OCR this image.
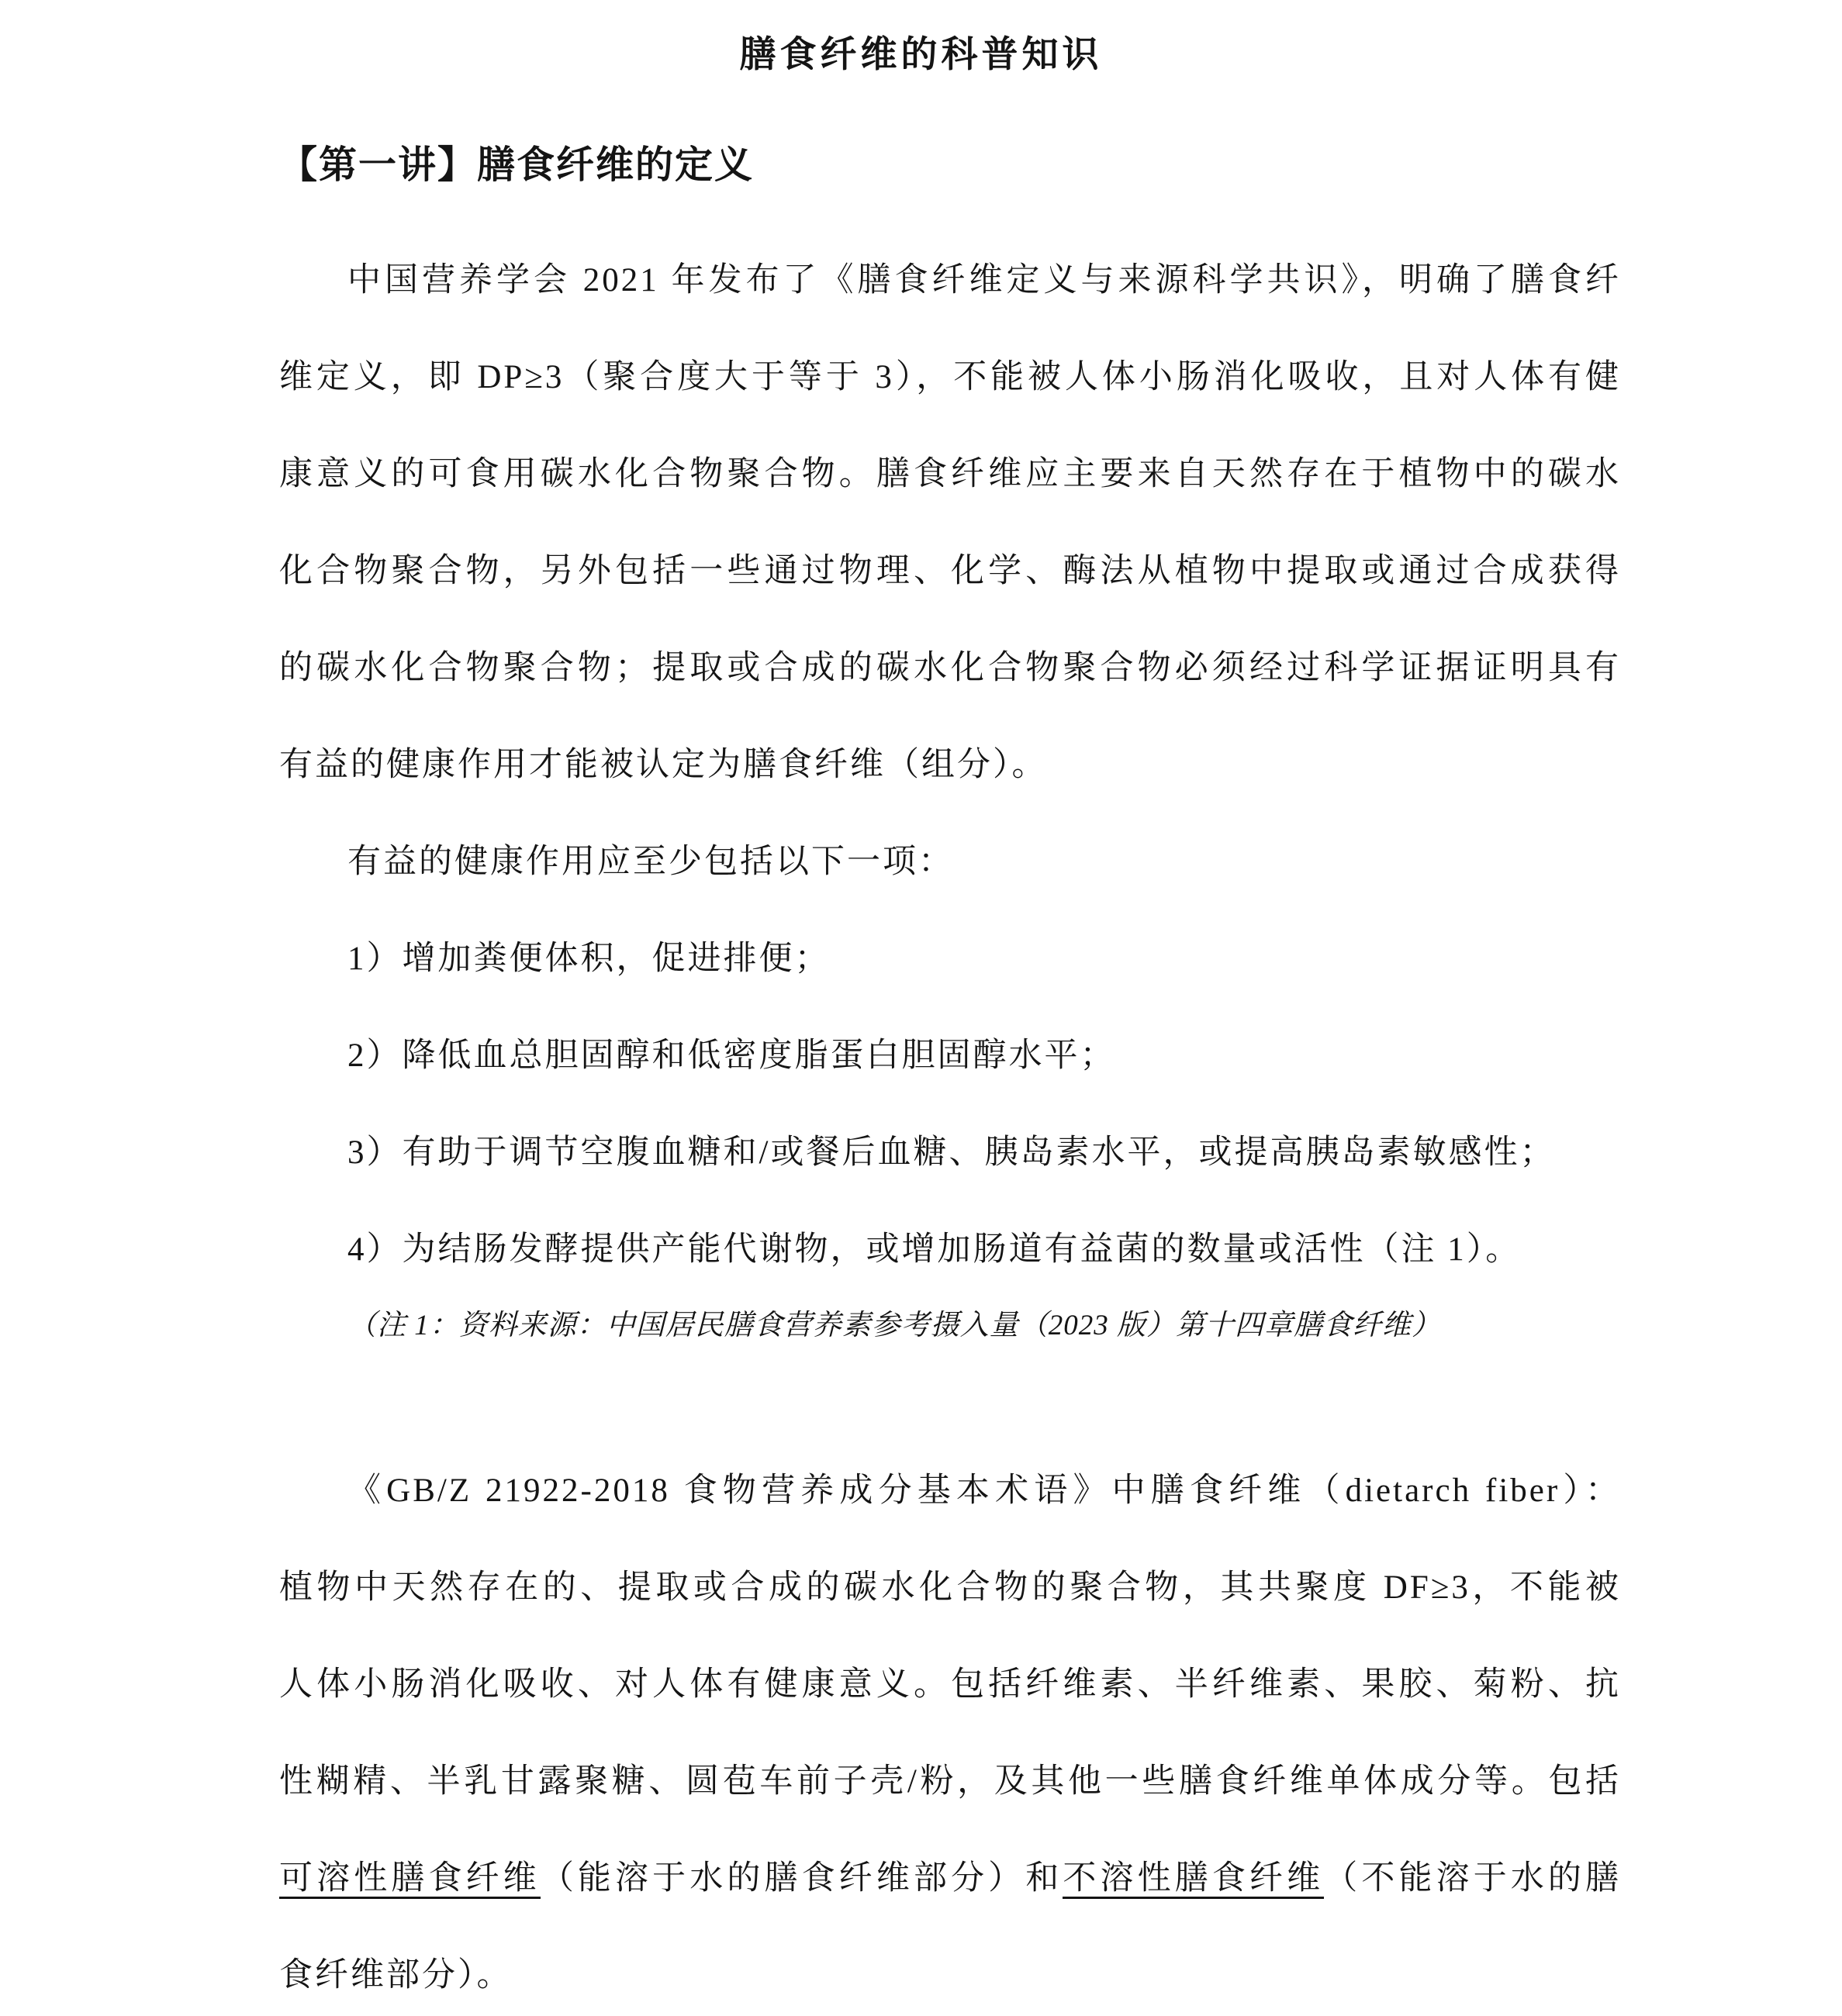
膳食纤维的科普知识
【第一讲】膳食纤维的定义
中国营养学会 2021 年发布了《膳食纤维定义与来源科学共识》，明确了膳食纤
维定义，即 DP≥3（聚合度大于等于 3），不能被人体小肠消化吸收，且对人体有健
康意义的可食用碳水化合物聚合物。膳食纤维应主要来自天然存在于植物中的碳水
化合物聚合物，另外包括一些通过物理、化学、酶法从植物中提取或通过合成获得
的碳水化合物聚合物；提取或合成的碳水化合物聚合物必须经过科学证据证明具有
有益的健康作用才能被认定为膳食纤维（组分）。
有益的健康作用应至少包括以下一项：
1）增加粪便体积，促进排便；
2）降低血总胆固醇和低密度脂蛋白胆固醇水平；
3）有助于调节空腹血糖和/或餐后血糖、胰岛素水平，或提高胰岛素敏感性；
4）为结肠发酵提供产能代谢物，或增加肠道有益菌的数量或活性（注 1）。
（注 1：资料来源：中国居民膳食营养素参考摄入量（2023 版）第十四章膳食纤维）
《GB/Z 21922-2018 食物营养成分基本术语》中膳食纤维（dietarch fiber）：
植物中天然存在的、提取或合成的碳水化合物的聚合物，其共聚度 DF≥3，不能被
人体小肠消化吸收、对人体有健康意义。包括纤维素、半纤维素、果胶、菊粉、抗
性糊精、半乳甘露聚糖、圆苞车前子壳/粉，及其他一些膳食纤维单体成分等。包括
可溶性膳食纤维（能溶于水的膳食纤维部分）和不溶性膳食纤维（不能溶于水的膳
食纤维部分）。
